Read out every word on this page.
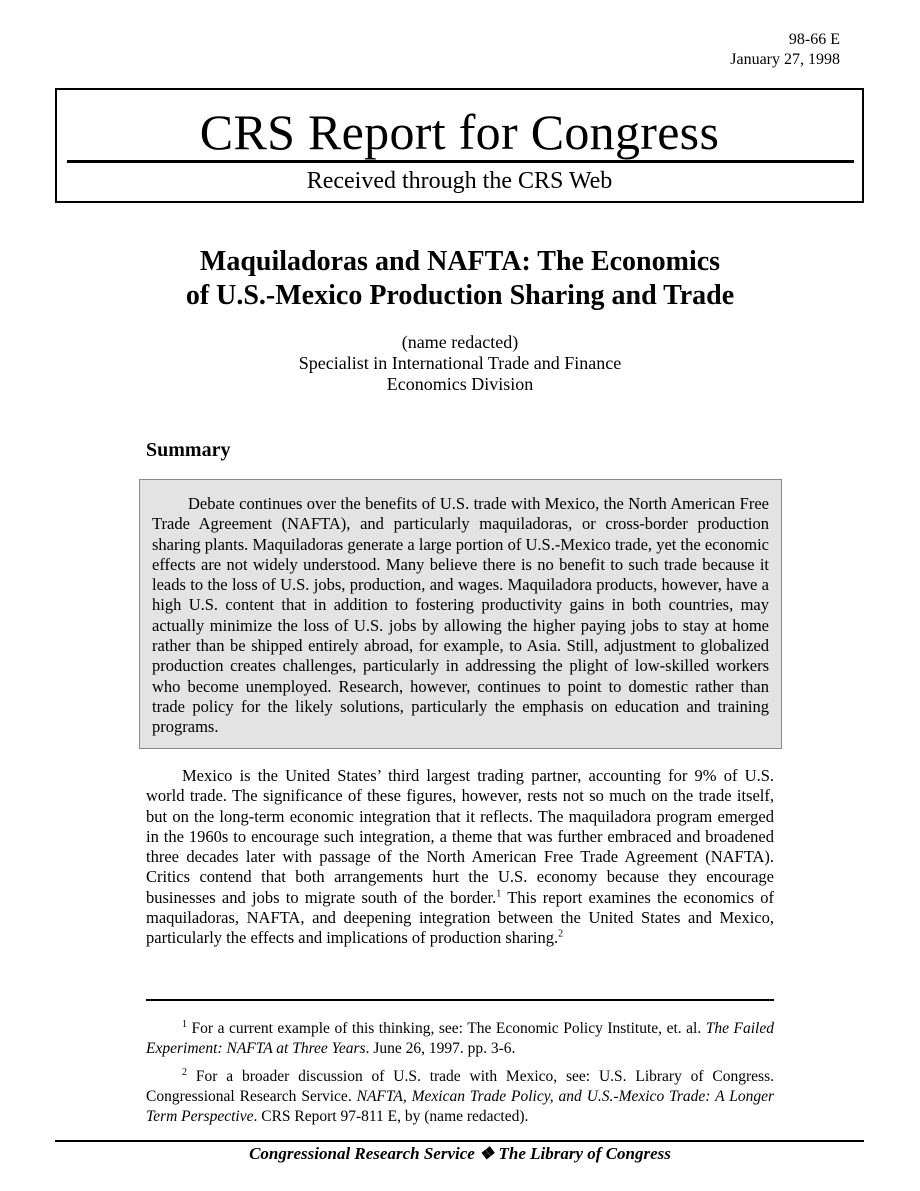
98-66 E
January 27, 1998
CRS Report for Congress
Received through the CRS Web
Maquiladoras and NAFTA: The Economics
of U.S.-Mexico Production Sharing and Trade
(name redacted)
Specialist in International Trade and Finance
Economics Division
Summary

Debate continues over the benefits of U.S. trade with Mexico, the North American Free Trade Agreement (NAFTA), and particularly maquiladoras, or cross-border production sharing plants. Maquiladoras generate a large portion of U.S.-Mexico trade, yet the economic effects are not widely understood. Many believe there is no benefit to such trade because it leads to the loss of U.S. jobs, production, and wages. Maquiladora products, however, have a high U.S. content that in addition to fostering productivity gains in both countries, may actually minimize the loss of U.S. jobs by allowing the higher paying jobs to stay at home rather than be shipped entirely abroad, for example, to Asia. Still, adjustment to globalized production creates challenges, particularly in addressing the plight of low-skilled workers who become unemployed. Research, however, continues to point to domestic rather than trade policy for the likely solutions, particularly the emphasis on education and training programs.

Mexico is the United States’ third largest trading partner, accounting for 9% of U.S. world trade. The significance of these figures, however, rests not so much on the trade itself, but on the long-term economic integration that it reflects. The maquiladora program emerged in the 1960s to encourage such integration, a theme that was further embraced and broadened three decades later with passage of the North American Free Trade Agreement (NAFTA). Critics contend that both arrangements hurt the U.S. economy because they encourage businesses and jobs to migrate south of the border.$^1$ This report examines the economics of maquiladoras, NAFTA, and deepening integration between the United States and Mexico, particularly the effects and implications of production sharing.$^2$

$^1$ For a current example of this thinking, see: The Economic Policy Institute, et. al. The Failed Experiment: NAFTA at Three Years. June 26, 1997. pp. 3-6.

$^2$ For a broader discussion of U.S. trade with Mexico, see: U.S. Library of Congress. Congressional Research Service. NAFTA, Mexican Trade Policy, and U.S.-Mexico Trade: A Longer Term Perspective. CRS Report 97-811 E, by (name redacted).

Congressional Research Service ❖ The Library of Congress
